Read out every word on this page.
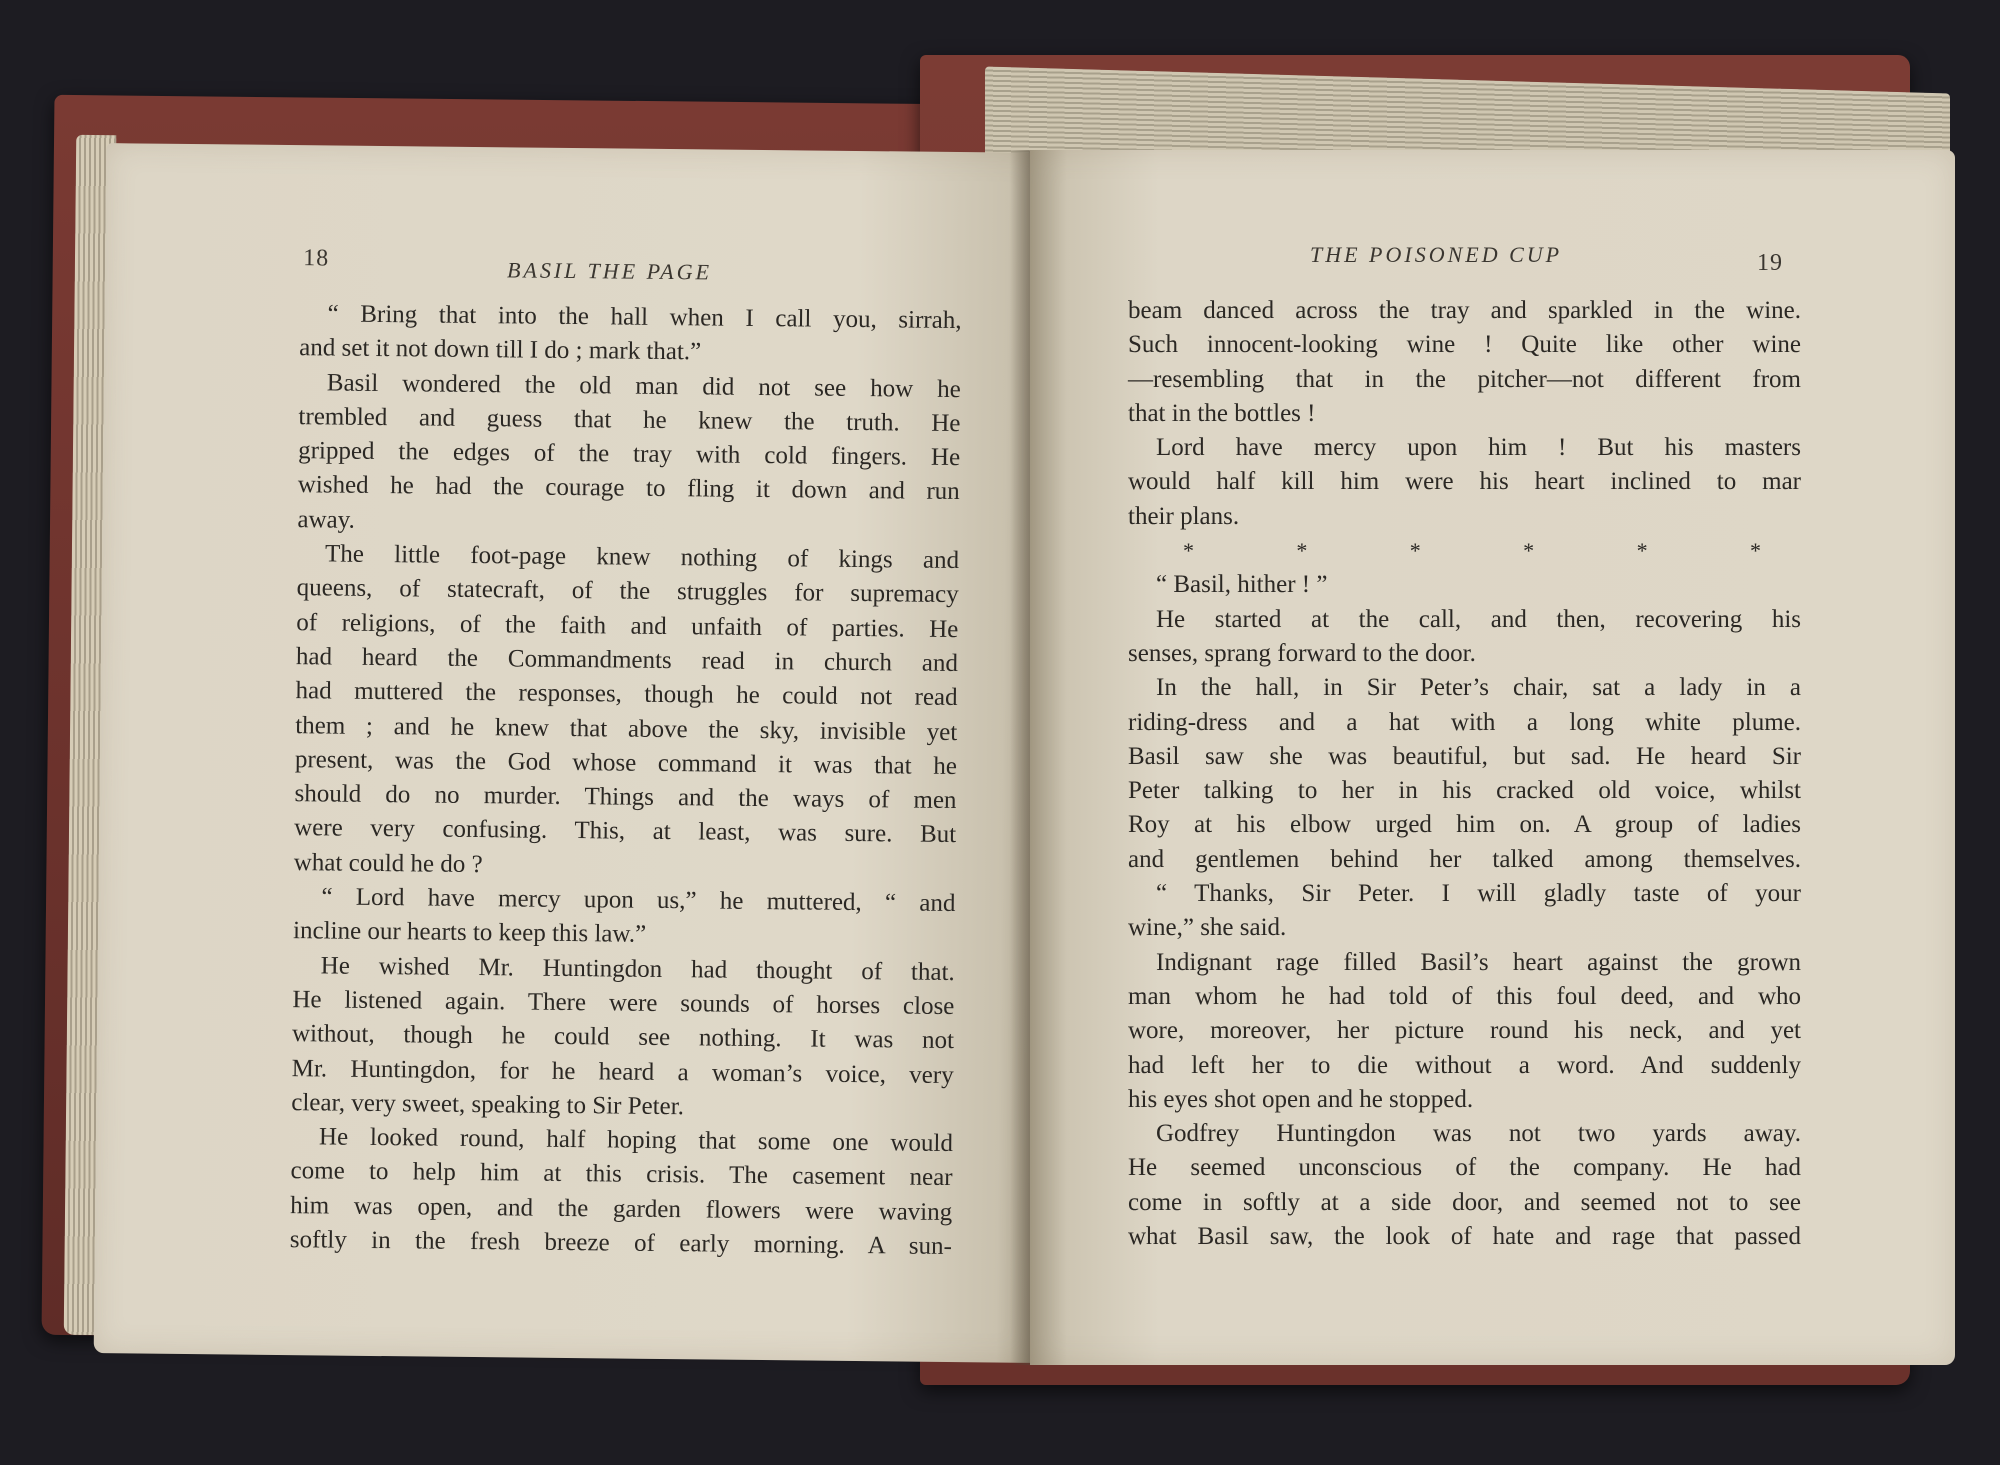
18	BASIL THE PAGE
“ Bring that into the hall when I call you, sirrah,
and set it not down till I do ; mark that.”
Basil wondered the old man did not see how he
trembled and guess that he knew the truth. He
gripped the edges of the tray with cold fingers. He
wished he had the courage to fling it down and run
away.
The little foot-page knew nothing of kings and
queens, of statecraft, of the struggles for supremacy
of religions, of the faith and unfaith of parties. He
had heard the Commandments read in church and
had muttered the responses, though he could not read
them ; and he knew that above the sky, invisible yet
present, was the God whose command it was that he
should do no murder. Things and the ways of men
were very confusing. This, at least, was sure. But
what could he do ?
“ Lord have mercy upon us,” he muttered, “ and
incline our hearts to keep this law.”
He wished Mr. Huntingdon had thought of that.
He listened again. There were sounds of horses close
without, though he could see nothing. It was not
Mr. Huntingdon, for he heard a woman’s voice, very
clear, very sweet, speaking to Sir Peter.
He looked round, half hoping that some one would
come to help him at this crisis. The casement near
him was open, and the garden flowers were waving
softly in the fresh breeze of early morning. A sun-
THE POISONED CUP	19
beam danced across the tray and sparkled in the wine.
Such innocent-looking wine ! Quite like other wine
—resembling that in the pitcher—not different from
that in the bottles !
Lord have mercy upon him ! But his masters
would half kill him were his heart inclined to mar
their plans.
*	*	*	*	*	*
“ Basil, hither ! ”
He started at the call, and then, recovering his
senses, sprang forward to the door.
In the hall, in Sir Peter’s chair, sat a lady in a
riding-dress and a hat with a long white plume.
Basil saw she was beautiful, but sad. He heard Sir
Peter talking to her in his cracked old voice, whilst
Roy at his elbow urged him on. A group of ladies
and gentlemen behind her talked among themselves.
“ Thanks, Sir Peter. I will gladly taste of your
wine,” she said.
Indignant rage filled Basil’s heart against the grown
man whom he had told of this foul deed, and who
wore, moreover, her picture round his neck, and yet
had left her to die without a word. And suddenly
his eyes shot open and he stopped.
Godfrey Huntingdon was not two yards away.
He seemed unconscious of the company. He had
come in softly at a side door, and seemed not to see
what Basil saw, the look of hate and rage that passed
